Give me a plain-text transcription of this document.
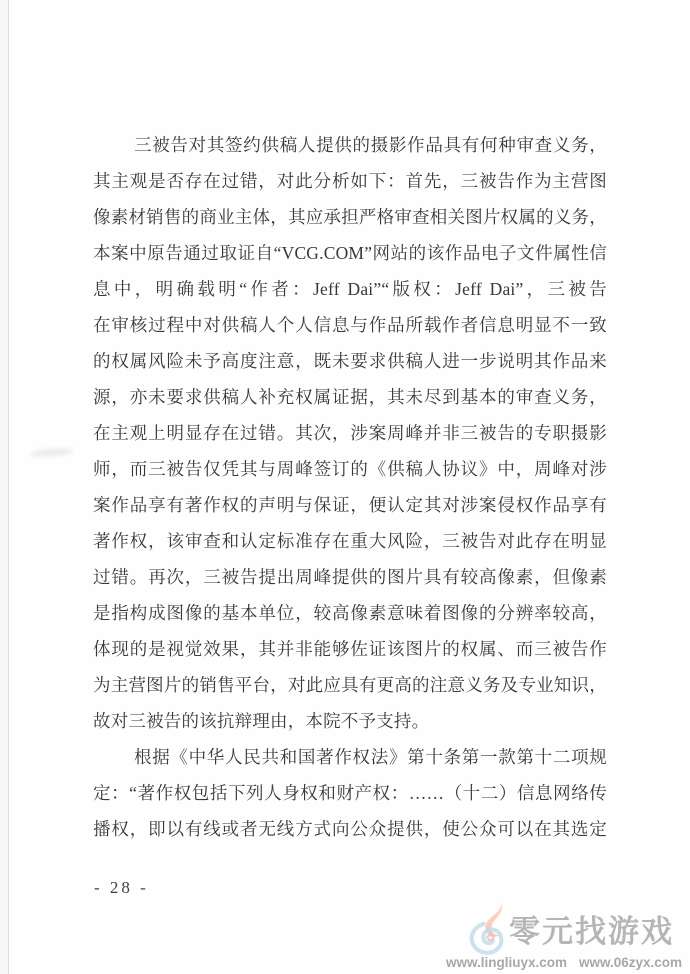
三被告对其签约供稿人提供的摄影作品具有何种审查义务，

其主观是否存在过错，对此分析如下：首先，三被告作为主营图

像素材销售的商业主体，其应承担严格审查相关图片权属的义务，

本案中原告通过取证自“VCG.COM”网站的该作品电子文件属性信

息中，明确载明“作者：Jeff Dai”“版权：Jeff Dai”，三被告

在审核过程中对供稿人个人信息与作品所载作者信息明显不一致

的权属风险未予高度注意，既未要求供稿人进一步说明其作品来

源，亦未要求供稿人补充权属证据，其未尽到基本的审查义务，

在主观上明显存在过错。其次，涉案周峰并非三被告的专职摄影

师，而三被告仅凭其与周峰签订的《供稿人协议》中，周峰对涉

案作品享有著作权的声明与保证，便认定其对涉案侵权作品享有

著作权，该审查和认定标准存在重大风险，三被告对此存在明显

过错。再次，三被告提出周峰提供的图片具有较高像素，但像素

是指构成图像的基本单位，较高像素意味着图像的分辨率较高，

体现的是视觉效果，其并非能够佐证该图片的权属、而三被告作

为主营图片的销售平台，对此应具有更高的注意义务及专业知识，

故对三被告的该抗辩理由，本院不予支持。

根据《中华人民共和国著作权法》第十条第一款第十二项规

定：“著作权包括下列人身权和财产权：……（十二）信息网络传

播权，即以有线或者无线方式向公众提供，使公众可以在其选定

- 28 -
零元找游戏
www.lingliuyx.com www.06zyx.com
